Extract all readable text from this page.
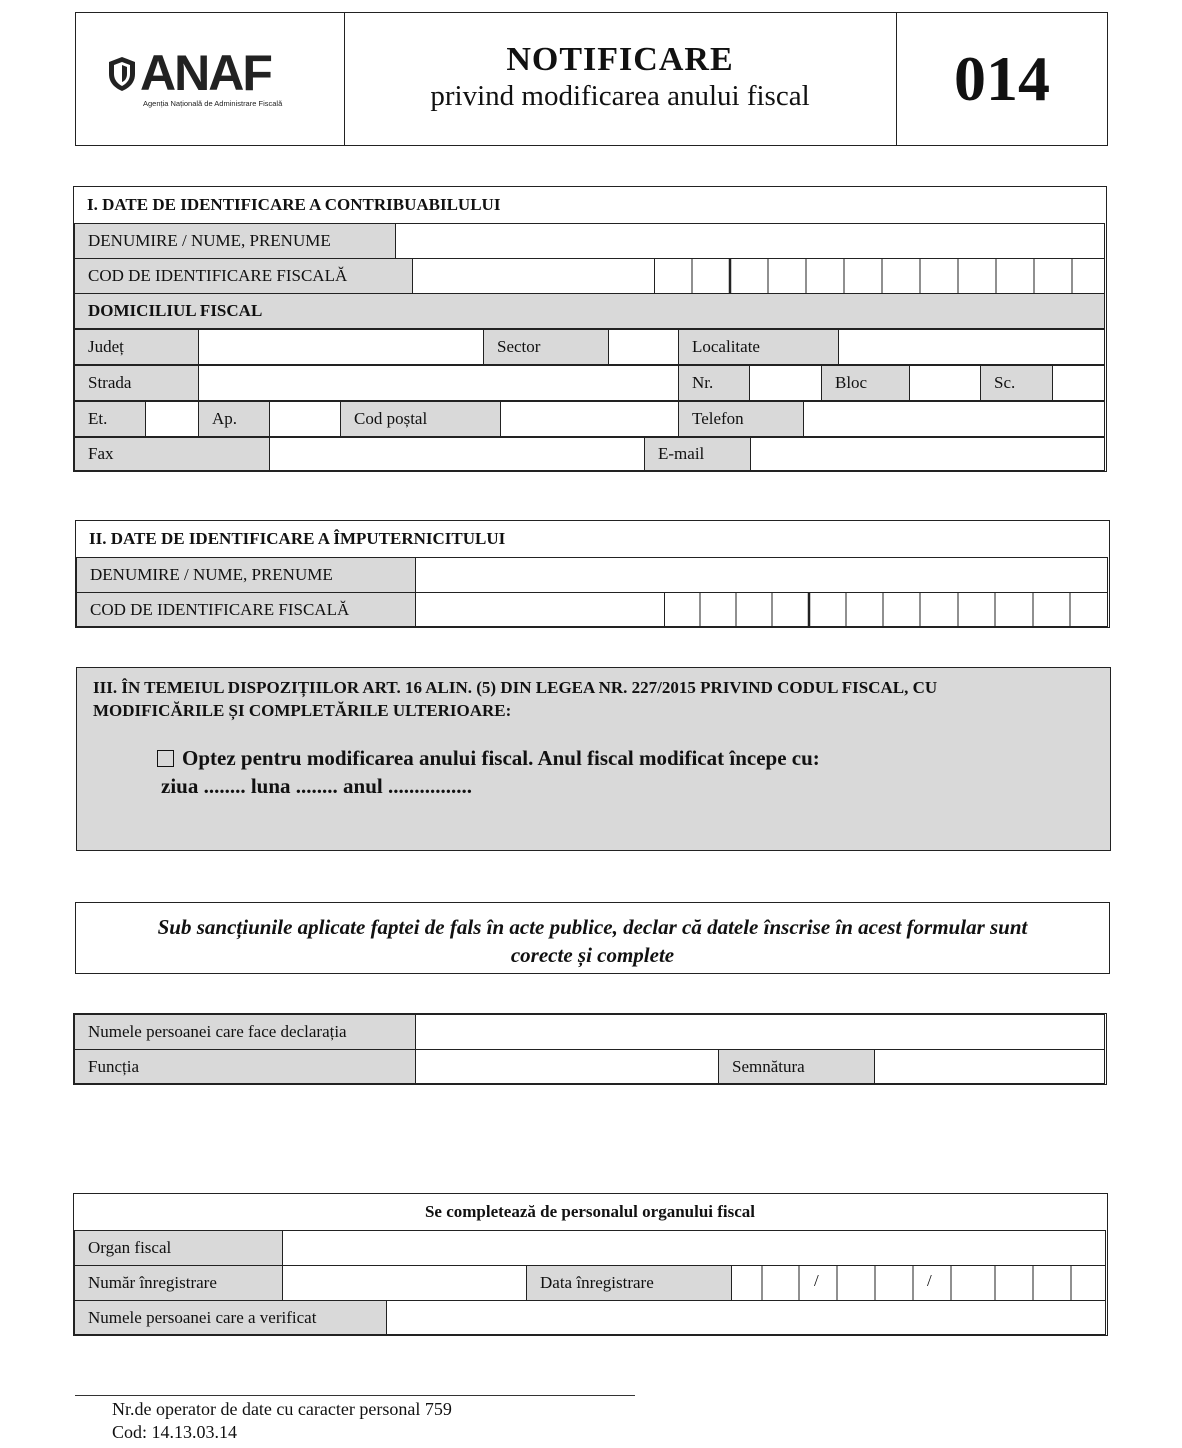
ANAF
Agenția Națională de Administrare Fiscală
NOTIFICARE
privind modificarea anului fiscal	014
I. DATE DE IDENTIFICARE A CONTRIBUABILULUI
DENUMIRE / NUME, PRENUME
COD DE IDENTIFICARE FISCALĂ
DOMICILIUL FISCAL
Județ	Sector	Localitate
Strada	Nr.	Bloc	Sc.
Et.	Ap.	Cod poștal	Telefon
Fax	E-mail
II. DATE DE IDENTIFICARE A ÎMPUTERNICITULUI
DENUMIRE / NUME, PRENUME
COD DE IDENTIFICARE FISCALĂ
III. ÎN TEMEIUL DISPOZIȚIILOR ART. 16 ALIN. (5) DIN LEGEA NR. 227/2015 PRIVIND CODUL FISCAL, CU
MODIFICĂRILE ȘI COMPLETĂRILE ULTERIOARE:
Optez pentru modificarea anului fiscal. Anul fiscal modificat începe cu:
ziua ........ luna ........ anul ................
Sub sancțiunile aplicate faptei de fals în acte publice, declar că datele înscrise în acest formular sunt
corecte și complete
Numele persoanei care face declarația
Funcția	Semnătura
Se completează de personalul organului fiscal
Organ fiscal
Număr înregistrare	Data înregistrare	/	/
Numele persoanei care a verificat
Nr.de operator de date cu caracter personal 759
Cod: 14.13.03.14
